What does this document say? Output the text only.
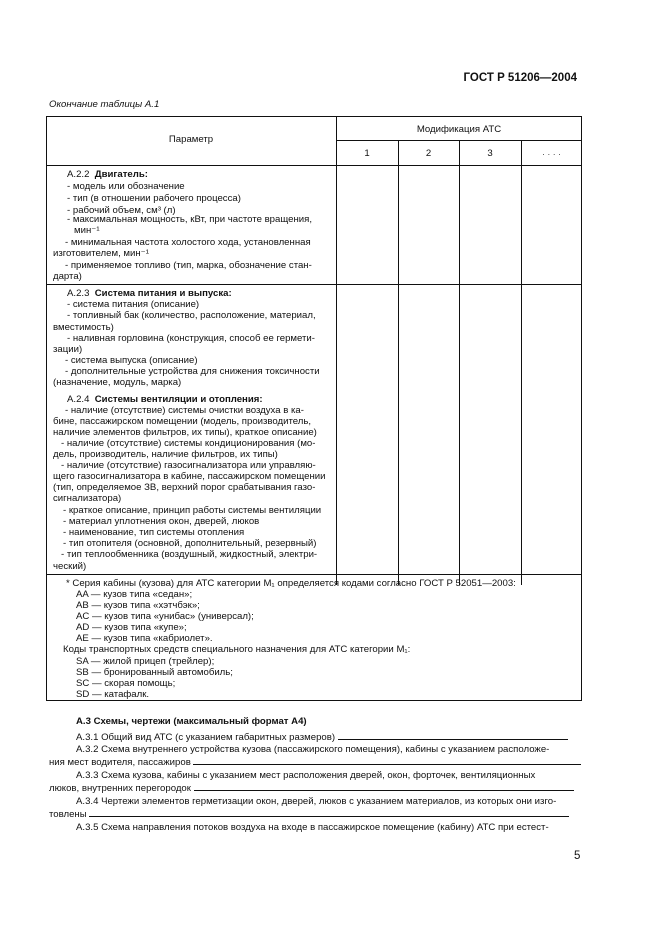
ГОСТ Р 51206—2004
Окончание таблицы А.1
Параметр
Модификация АТС
1	2	3	. . . .
А.2.2 Двигатель:
- модель или обозначение
- тип (в отношении рабочего процесса)
- рабочий объем, см³ (л)
- максимальная мощность, кВт, при частоте вращения,
мин⁻¹
- минимальная частота холостого хода, установленная
изготовителем, мин⁻¹
- применяемое топливо (тип, марка, обозначение стан-
дарта)
А.2.3 Система питания и выпуска:
- система питания (описание)
- топливный бак (количество, расположение, материал,
вместимость)
- наливная горловина (конструкция, способ ее гермети-
зации)
- система выпуска (описание)
- дополнительные устройства для снижения токсичности
(назначение, модуль, марка)
А.2.4 Системы вентиляции и отопления:
- наличие (отсутствие) системы очистки воздуха в ка-
бине, пассажирском помещении (модель, производитель,
наличие элементов фильтров, их типы), краткое описание)
- наличие (отсутствие) системы кондиционирования (мо-
дель, производитель, наличие фильтров, их типы)
- наличие (отсутствие) газосигнализатора или управляю-
щего газосигнализатора в кабине, пассажирском помещении
(тип, определяемое ЗВ, верхний порог срабатывания газо-
сигнализатора)
- краткое описание, принцип работы системы вентиляции
- материал уплотнения окон, дверей, люков
- наименование, тип системы отопления
- тип отопителя (основной, дополнительный, резервный)
- тип теплообменника (воздушный, жидкостный, электри-
ческий)
* Серия кабины (кузова) для АТС категории М₁ определяется кодами согласно ГОСТ Р 52051—2003:
AA — кузов типа «седан»;
AB — кузов типа «хэтчбэк»;
AC — кузов типа «унибас» (универсал);
AD — кузов типа «купе»;
AE — кузов типа «кабриолет».
Коды транспортных средств специального назначения для АТС категории М₁:
SA — жилой прицеп (трейлер);
SB — бронированный автомобиль;
SC — скорая помощь;
SD — катафалк.
А.3 Схемы, чертежи (максимальный формат А4)
А.3.1 Общий вид АТС (с указанием габаритных размеров)
А.3.2 Схема внутреннего устройства кузова (пассажирского помещения), кабины с указанием расположе-
ния мест водителя, пассажиров
А.3.3 Схема кузова, кабины с указанием мест расположения дверей, окон, форточек, вентиляционных
люков, внутренних перегородок
А.3.4 Чертежи элементов герметизации окон, дверей, люков с указанием материалов, из которых они изго-
товлены
А.3.5 Схема направления потоков воздуха на входе в пассажирское помещение (кабину) АТС при естест-
5
